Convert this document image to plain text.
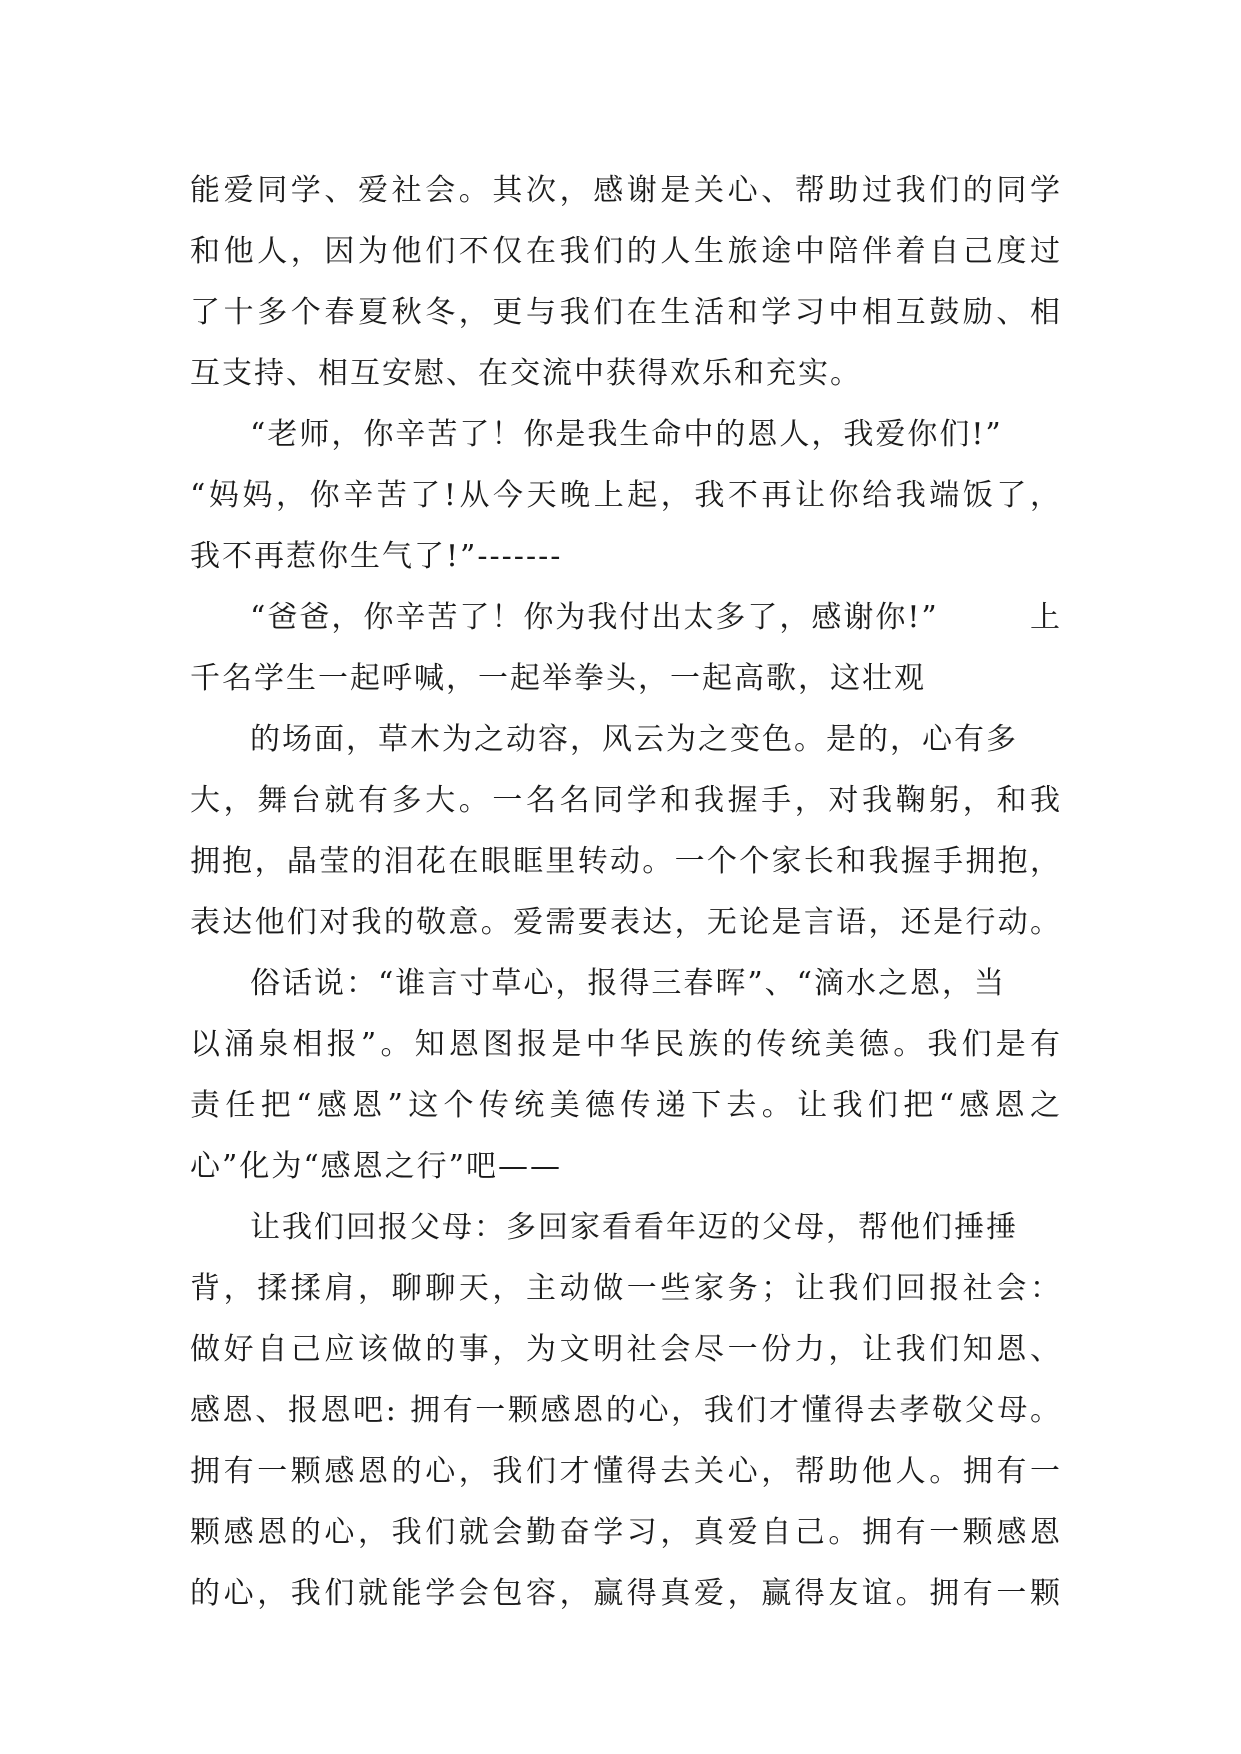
能爱同学、爱社会。其次，感谢是关心、帮助过我们的同学
和他人，因为他们不仅在我们的人生旅途中陪伴着自己度过
了十多个春夏秋冬，更与我们在生活和学习中相互鼓励、相
互支持、相互安慰、在交流中获得欢乐和充实。
“老师，你辛苦了！你是我生命中的恩人，我爱你们!”
“妈妈，你辛苦了!从今天晚上起，我不再让你给我端饭了，
我不再惹你生气了!”-------
“爸爸，你辛苦了！你为我付出太多了，感谢你!”	上
千名学生一起呼喊，一起举拳头，一起高歌，这壮观
的场面，草木为之动容，风云为之变色。是的，心有多
大，舞台就有多大。一名名同学和我握手，对我鞠躬，和我
拥抱，晶莹的泪花在眼眶里转动。一个个家长和我握手拥抱，
表达他们对我的敬意。爱需要表达，无论是言语，还是行动。
俗话说：“谁言寸草心，报得三春晖”、“滴水之恩，当
以涌泉相报”。知恩图报是中华民族的传统美德。我们是有
责任把“感恩”这个传统美德传递下去。让我们把“感恩之
心”化为“感恩之行”吧——
让我们回报父母：多回家看看年迈的父母，帮他们捶捶
背，揉揉肩，聊聊天，主动做一些家务；让我们回报社会：
做好自己应该做的事，为文明社会尽一份力，让我们知恩、
感恩、报恩吧: 拥有一颗感恩的心，我们才懂得去孝敬父母。
拥有一颗感恩的心，我们才懂得去关心，帮助他人。拥有一
颗感恩的心，我们就会勤奋学习，真爱自己。拥有一颗感恩
的心，我们就能学会包容，赢得真爱，赢得友谊。拥有一颗
